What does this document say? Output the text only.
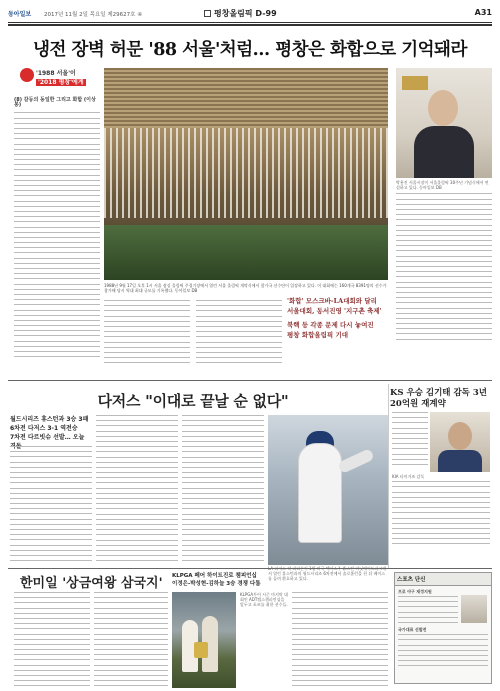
동아일보 2017년 11월 2일 목요일 제29627호 ④	평창올림픽 D-99	A31
냉전 장벽 허문 '88 서울'처럼… 평창은 화합으로 기억돼라
'1988 서울'이
'2018 평창'에게
(8) 갈등의 동일한 그리고 화합 (이상봉)
1988년 9월 17일 오후 1시 서울 잠실 올림픽 주경기장에서 열린 서울 올림픽 개막식에서 참가국 선수단이 입장하고 있다. 이 대회에는 160개국 8391명의 선수가 참가해 당시 역대 최대 규모를 기록했다. 동아일보 DB
'화합' 모스크바-LA대회와 달리
서울대회, 동서진영 '지구촌 축제'
북핵 등 각종 문제 다시 놓여진
평창 화합올림픽 기대
박용진 서울시장이 서울올림픽 30주년 기념식에서 연설하고 있다. 동아일보 DB
다저스 "이대로 끝날 순 없다"
월드시리즈 휴스턴과 3승 3패
6차전 다저스 3-1 역전승
7차전 다르빗슈 선발… 오늘
서 열린 휴스턴과의 월드시리즈 6차전에서 솔로홈런을 친 뒤 베이스를 돌며 환호하고 있다.
KS 우승 김기태 감독 3년 20억원 재계약
KIA 타이거즈 감독
한미일 '상금여왕 삼국지'	KLPGA 페어 하이트진로 챔피언십
이정은-박성현-김하늘 3승 경쟁 다툼
KLPGA투어 시즌 마지막 대회인 ADT캡스챔피언십을 앞두고 포즈를 취한 선수들.
스포츠 단신
프로 야구 재정지원
국가대표 선발전
